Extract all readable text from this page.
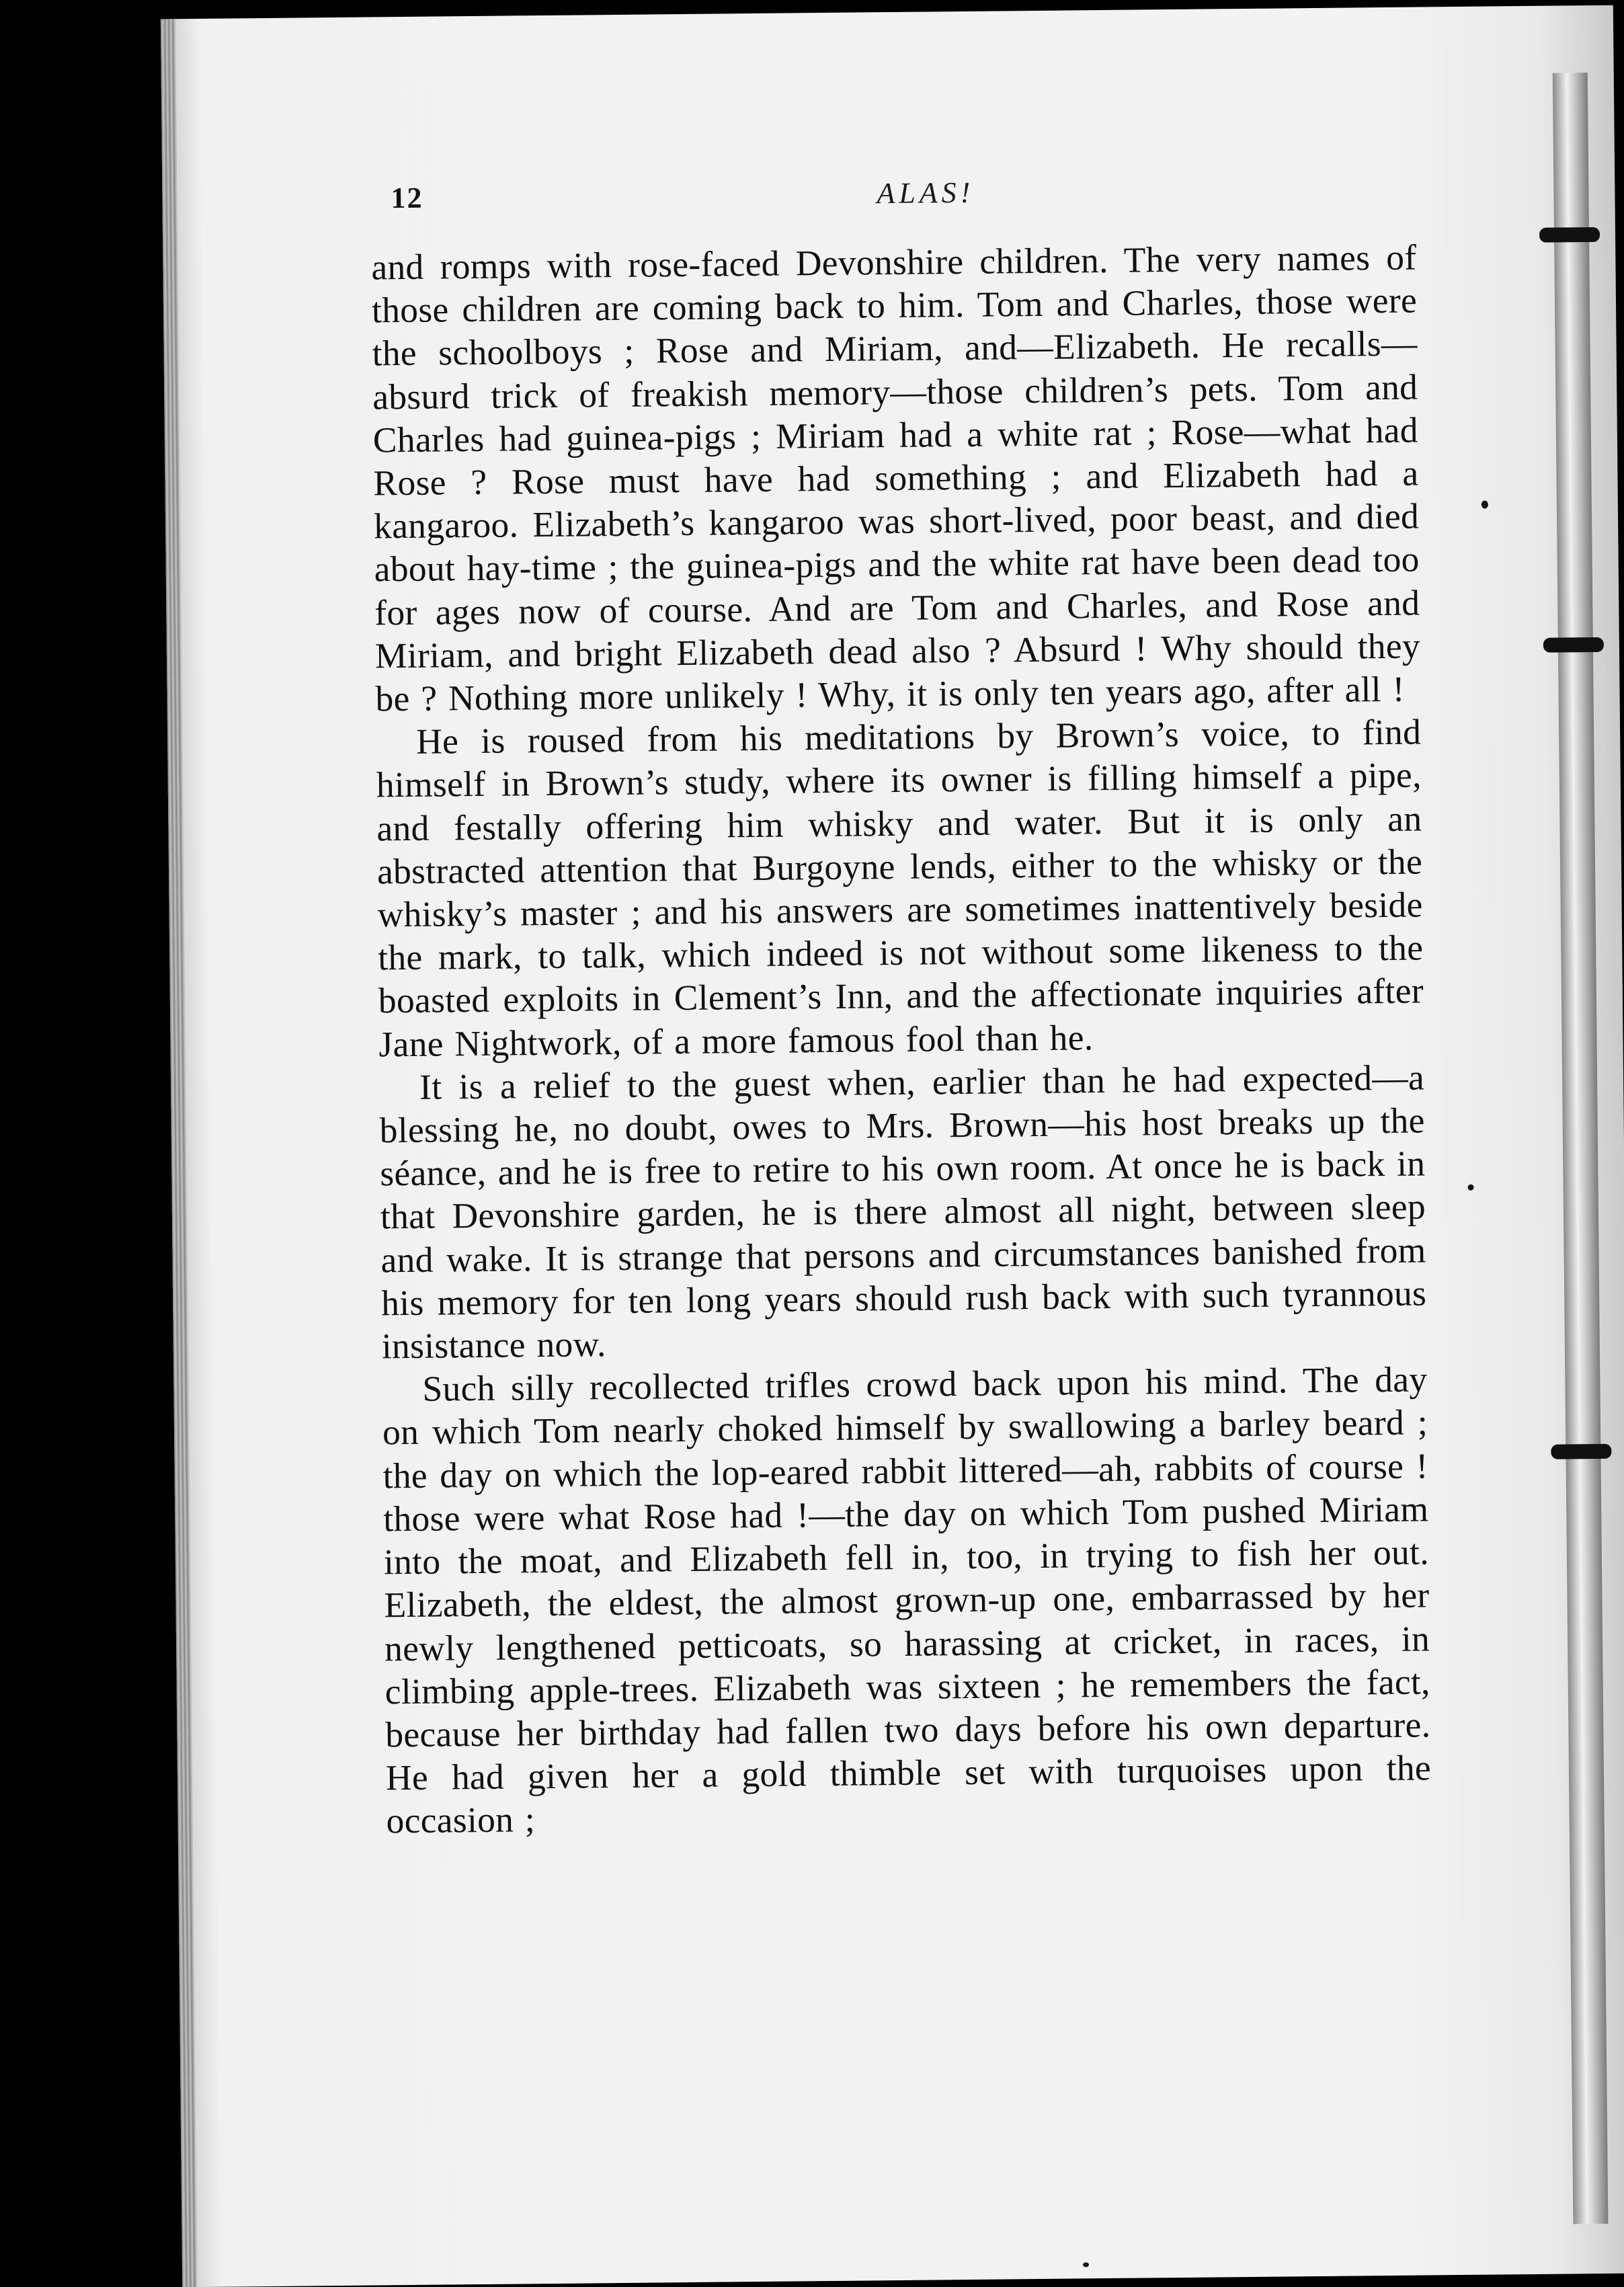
12	ALAS!

and romps with rose-faced Devonshire children. The very names of those children are coming back to him. Tom and Charles, those were the schoolboys ; Rose and Miriam, and—Elizabeth. He recalls—absurd trick of freakish memory—those children’s pets. Tom and Charles had guinea-pigs ; Miriam had a white rat ; Rose—what had Rose ? Rose must have had something ; and Elizabeth had a kangaroo. Elizabeth’s kangaroo was short-lived, poor beast, and died about hay-time ; the guinea-pigs and the white rat have been dead too for ages now of course. And are Tom and Charles, and Rose and Miriam, and bright Elizabeth dead also ? Absurd ! Why should they be ? Nothing more unlikely ! Why, it is only ten years ago, after all !

He is roused from his meditations by Brown’s voice, to find himself in Brown’s study, where its owner is filling himself a pipe, and festally offering him whisky and water. But it is only an abstracted attention that Burgoyne lends, either to the whisky or the whisky’s master ; and his answers are sometimes inattentively beside the mark, to talk, which indeed is not without some likeness to the boasted exploits in Clement’s Inn, and the affectionate inquiries after Jane Nightwork, of a more famous fool than he.

It is a relief to the guest when, earlier than he had expected—a blessing he, no doubt, owes to Mrs. Brown—his host breaks up the séance, and he is free to retire to his own room. At once he is back in that Devonshire garden, he is there almost all night, between sleep and wake. It is strange that persons and circumstances banished from his memory for ten long years should rush back with such tyrannous insistance now.

Such silly recollected trifles crowd back upon his mind. The day on which Tom nearly choked himself by swallowing a barley beard ; the day on which the lop-eared rabbit littered—ah, rabbits of course ! those were what Rose had !—the day on which Tom pushed Miriam into the moat, and Elizabeth fell in, too, in trying to fish her out. Elizabeth, the eldest, the almost grown-up one, embarrassed by her newly lengthened petticoats, so harassing at cricket, in races, in climbing apple-trees. Elizabeth was sixteen ; he remembers the fact, because her birthday had fallen two days before his own departure. He had given her a gold thimble set with turquoises upon the occasion ;
